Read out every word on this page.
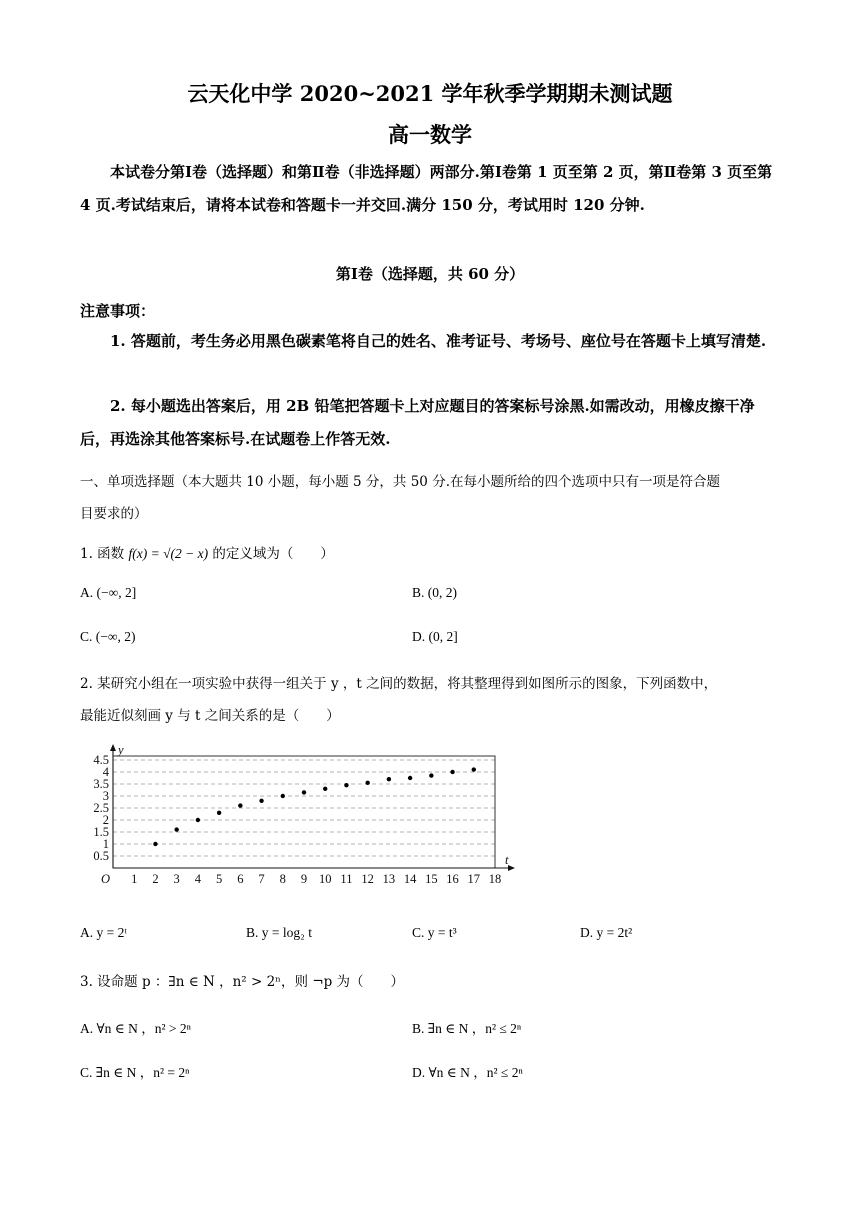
云天化中学 2020~2021 学年秋季学期期未测试题
高一数学
本试卷分第Ⅰ卷（选择题）和第Ⅱ卷（非选择题）两部分.第Ⅰ卷第 1 页至第 2 页，第Ⅱ卷第 3 页至第 4 页.考试结束后，请将本试卷和答题卡一并交回.满分 150 分，考试用时 120 分钟.
第Ⅰ卷（选择题，共 60 分）
注意事项：
1. 答题前，考生务必用黑色碳素笔将自己的姓名、准考证号、考场号、座位号在答题卡上填写清楚.
2. 每小题选出答案后，用 2B 铅笔把答题卡上对应题目的答案标号涂黑.如需改动，用橡皮擦干净后，再选涂其他答案标号.在试题卷上作答无效.
一、单项选择题（本大题共 10 小题，每小题 5 分，共 50 分.在每小题所给的四个选项中只有一项是符合题
目要求的）
1. 函数 f(x) = √(2 − x) 的定义域为（　　）
A. (−∞, 2]	B. (0, 2)
C. (−∞, 2)	D. (0, 2]
2. 某研究小组在一项实验中获得一组关于 y ，t 之间的数据，将其整理得到如图所示的图象，下列函数中，
最能近似刻画 y 与 t 之间关系的是（　　）
0.5
1
1.5
2
2.5
3
3.5
4
4.5
1 2 3 4 5 6 7 8 9 10 11 12 13 14 15 16 17 18
O
y
t
A. y = 2ᵗ	B. y = log₂ t	C. y = t³	D. y = 2t²
3. 设命题 p ：∃n ∈ N ，n² > 2ⁿ，则 ¬p 为（　　）
A. ∀n ∈ N ，n² > 2ⁿ	B. ∃n ∈ N ，n² ≤ 2ⁿ
C. ∃n ∈ N ，n² = 2ⁿ	D. ∀n ∈ N ，n² ≤ 2ⁿ
